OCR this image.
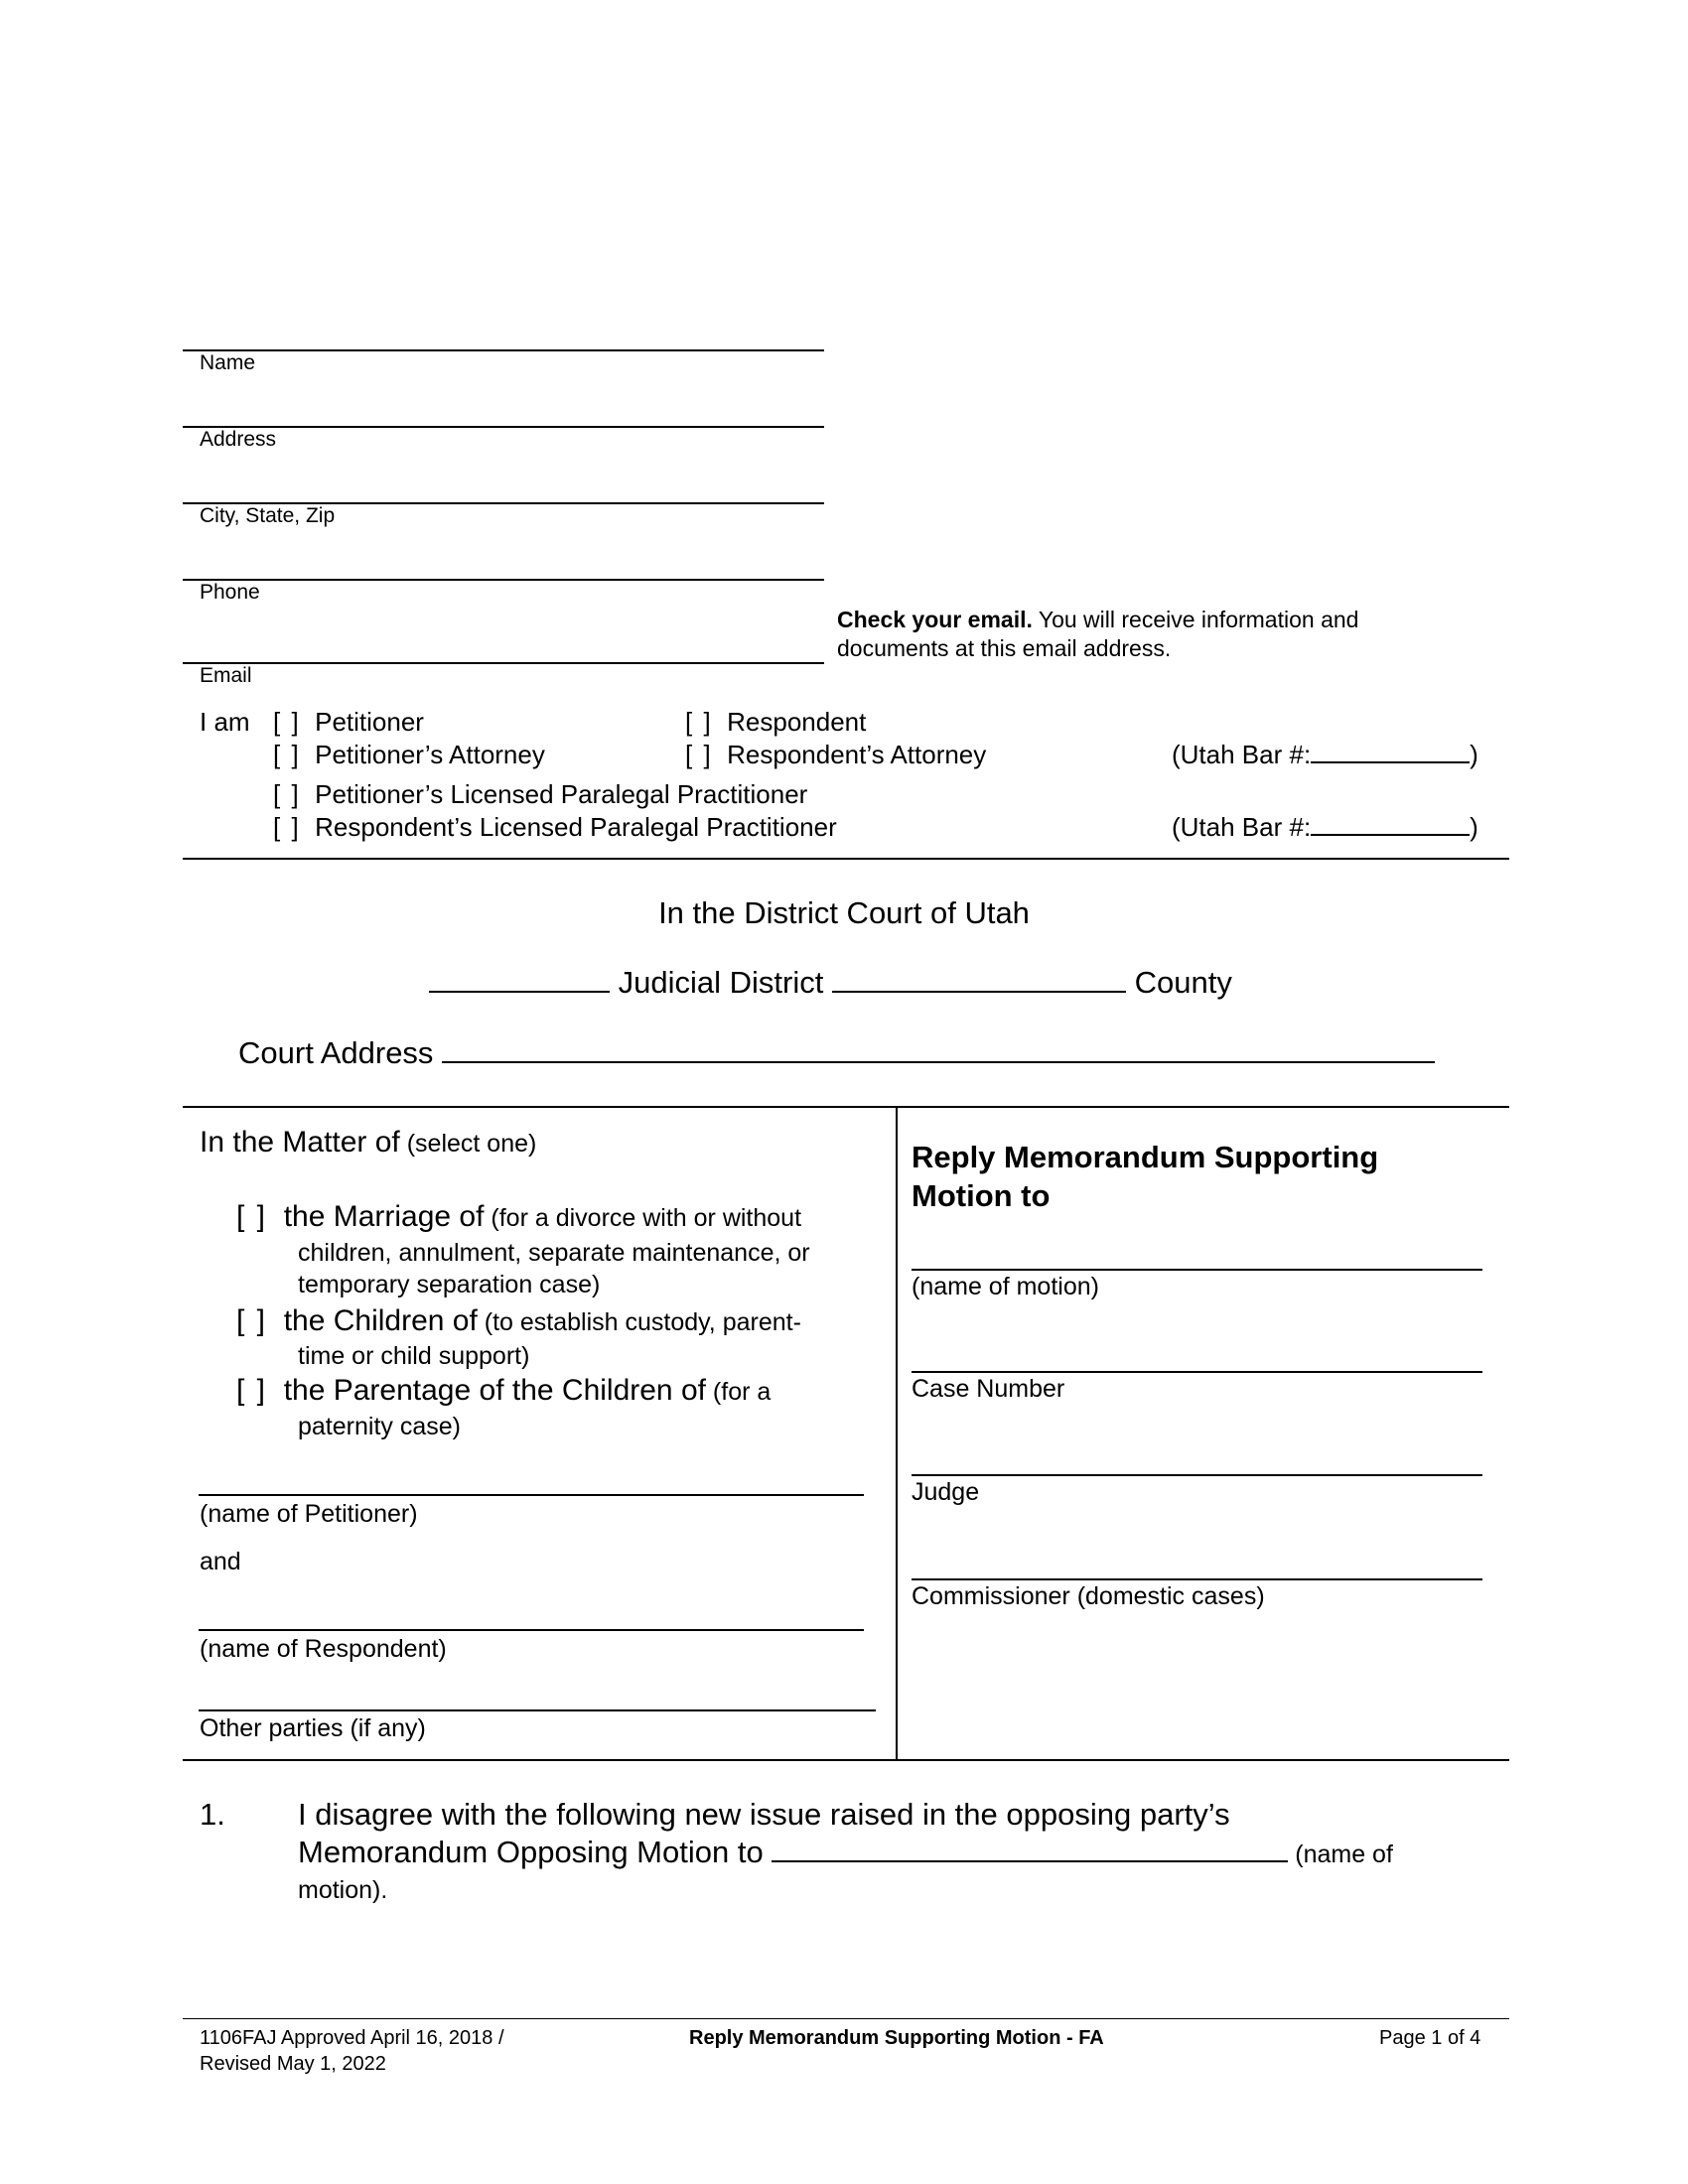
Name
Address
City, State, Zip
Phone
Email
Check your email. You will receive information and
documents at this email address.
I am [ ] Petitioner	[ ] Respondent
[ ] Petitioner’s Attorney	[ ] Respondent’s Attorney	(Utah Bar #:	)
[ ] Petitioner’s Licensed Paralegal Practitioner
[ ] Respondent’s Licensed Paralegal Practitioner	(Utah Bar #:	)
In the District Court of Utah
Judicial District	County
Court Address
In the Matter of (select one)
[ ] the Marriage of (for a divorce with or without
children, annulment, separate maintenance, or
temporary separation case)
[ ] the Children of (to establish custody, parent-
time or child support)
[ ] the Parentage of the Children of (for a
paternity case)
(name of Petitioner)
and
(name of Respondent)
Other parties (if any)
Reply Memorandum Supporting
Motion to
(name of motion)
Case Number
Judge
Commissioner (domestic cases)
1. I disagree with the following new issue raised in the opposing party’s
Memorandum Opposing Motion to	(name of
motion).
1106FAJ Approved April 16, 2018 /
Revised May 1, 2022
Reply Memorandum Supporting Motion - FA	Page 1 of 4
